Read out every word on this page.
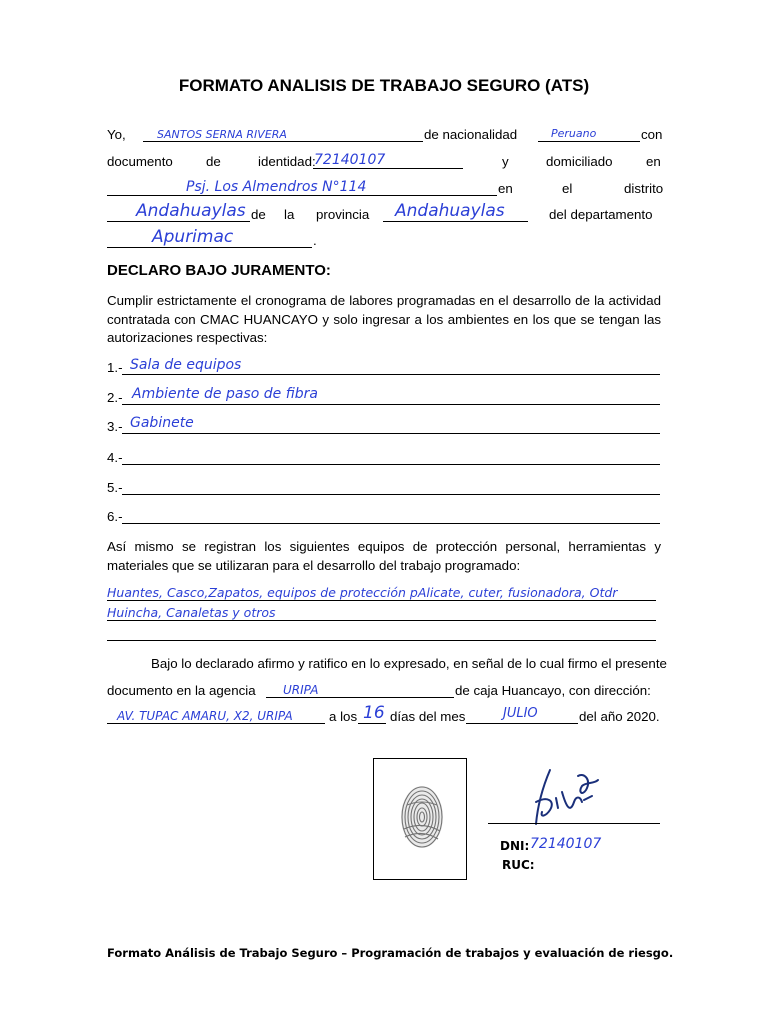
FORMATO ANALISIS DE TRABAJO SEGURO (ATS)
Yo,	SANTOS SERNA RIVERA	de nacionalidad	Peruano	con
documento de	identidad:
72140107	y	domiciliado	en
Psj. Los Almendros N°114	en	el	distrito
Andahuaylas de la provincia Andahuaylas	del departamento
Apurimac	.
DECLARO BAJO JURAMENTO:
Cumplir estrictamente el cronograma de labores programadas en el desarrollo de la actividad contratada con CMAC HUANCAYO y solo ingresar a los ambientes en los que se tengan las autorizaciones respectivas:
1.- Sala de equipos
2.- Ambiente de paso de fibra
3.- Gabinete
4.-
5.-
6.-
Así mismo se registran los siguientes equipos de protección personal, herramientas y materiales que se utilizaran para el desarrollo del trabajo programado:
Huantes, Casco,Zapatos, equipos de protección pAlicate, cuter, fusionadora, Otdr
Huincha, Canaletas y otros
Bajo lo declarado afirmo y ratifico en lo expresado, en señal de lo cual firmo el presente
documento en la agencia URIPA	de caja Huancayo, con dirección:
AV. TUPAC AMARU, X2, URIPA	a los 16 días del mes	JULIO	del año 2020.
DNI: 72140107
RUC:
Formato Análisis de Trabajo Seguro – Programación de trabajos y evaluación de riesgo.
